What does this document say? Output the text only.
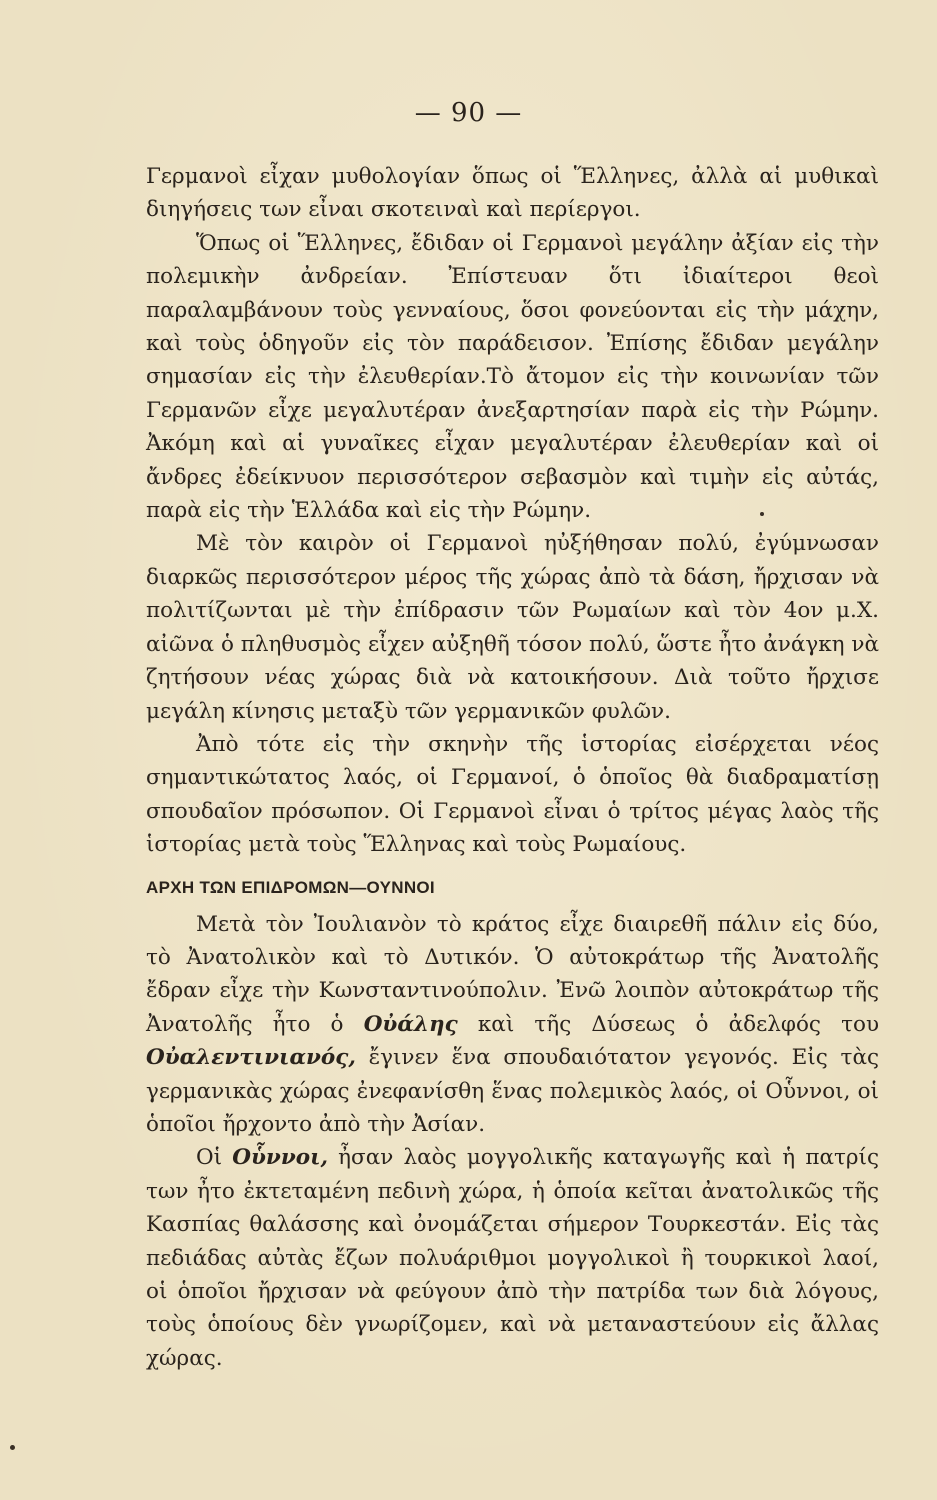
— 90 —

Γερμανοὶ εἶχαν μυθολογίαν ὅπως οἱ Ἕλληνες, ἀλλὰ αἱ μυθικαὶ διηγήσεις των εἶναι σκοτειναὶ καὶ περίεργοι.

Ὅπως οἱ Ἕλληνες, ἔδιδαν οἱ Γερμανοὶ μεγάλην ἀξίαν εἰς τὴν πολεμικὴν ἀνδρείαν. Ἐπίστευαν ὅτι ἰδιαίτεροι θεοὶ παραλαμβάνουν τοὺς γενναίους, ὅσοι φονεύονται εἰς τὴν μάχην, καὶ τοὺς ὁδηγοῦν εἰς τὸν παράδεισον. Ἐπίσης ἔδιδαν μεγάλην σημασίαν εἰς τὴν ἐλευθερίαν.Τὸ ἄτομον εἰς τὴν κοινωνίαν τῶν Γερμανῶν εἶχε μεγαλυτέραν ἀνεξαρτησίαν παρὰ εἰς τὴν Ρώμην. Ἀκόμη καὶ αἱ γυναῖκες εἶχαν μεγαλυτέραν ἐλευθερίαν καὶ οἱ ἄνδρες ἐδείκνυον περισσότερον σεβασμὸν καὶ τιμὴν εἰς αὐτάς, παρὰ εἰς τὴν Ἑλλάδα καὶ εἰς τὴν Ρώμην.

Μὲ τὸν καιρὸν οἱ Γερμανοὶ ηὐξήθησαν πολύ, ἐγύμνωσαν διαρκῶς περισσότερον μέρος τῆς χώρας ἀπὸ τὰ δάση, ἤρχισαν νὰ πολιτίζωνται μὲ τὴν ἐπίδρασιν τῶν Ρωμαίων καὶ τὸν 4ον μ.Χ. αἰῶνα ὁ πληθυσμὸς εἶχεν αὐξηθῆ τόσον πολύ, ὥστε ἦτο ἀνάγκη νὰ ζητήσουν νέας χώρας διὰ νὰ κατοικήσουν. Διὰ τοῦτο ἤρχισε μεγάλη κίνησις μεταξὺ τῶν γερμανικῶν φυλῶν.

Ἀπὸ τότε εἰς τὴν σκηνὴν τῆς ἱστορίας εἰσέρχεται νέος σημαντικώτατος λαός, οἱ Γερμανοί, ὁ ὁποῖος θὰ διαδραματίσῃ σπουδαῖον πρόσωπον. Οἱ Γερμανοὶ εἶναι ὁ τρίτος μέγας λαὸς τῆς ἱστορίας μετὰ τοὺς Ἕλληνας καὶ τοὺς Ρωμαίους.

ΑΡΧΗ ΤΩΝ ΕΠΙΔΡΟΜΩΝ—ΟΥΝΝΟΙ

Μετὰ τὸν Ἰουλιανὸν τὸ κράτος εἶχε διαιρεθῆ πάλιν εἰς δύο, τὸ Ἀνατολικὸν καὶ τὸ Δυτικόν. Ὁ αὐτοκράτωρ τῆς Ἀνατολῆς ἔδραν εἶχε τὴν Κωνσταντινούπολιν. Ἐνῶ λοιπὸν αὐτοκράτωρ τῆς Ἀνατολῆς ἦτο ὁ Οὐάλης καὶ τῆς Δύσεως ὁ ἀδελφός του Οὐαλεντινιανός, ἔγινεν ἕνα σπουδαιότατον γεγονός. Εἰς τὰς γερμανικὰς χώρας ἐνεφανίσθη ἕνας πολεμικὸς λαός, οἱ Οὗννοι, οἱ ὁποῖοι ἤρχοντο ἀπὸ τὴν Ἀσίαν.

Οἱ Οὗννοι, ἦσαν λαὸς μογγολικῆς καταγωγῆς καὶ ἡ πατρίς των ἦτο ἐκτεταμένη πεδινὴ χώρα, ἡ ὁποία κεῖται ἀνατολικῶς τῆς Κασπίας θαλάσσης καὶ ὀνομάζεται σήμερον Τουρκεστάν. Εἰς τὰς πεδιάδας αὐτὰς ἔζων πολυάριθμοι μογγολικοὶ ἢ τουρκικοὶ λαοί, οἱ ὁποῖοι ἤρχισαν νὰ φεύγουν ἀπὸ τὴν πατρίδα των διὰ λόγους, τοὺς ὁποίους δὲν γνωρίζομεν, καὶ νὰ μεταναστεύουν εἰς ἄλλας χώρας.
